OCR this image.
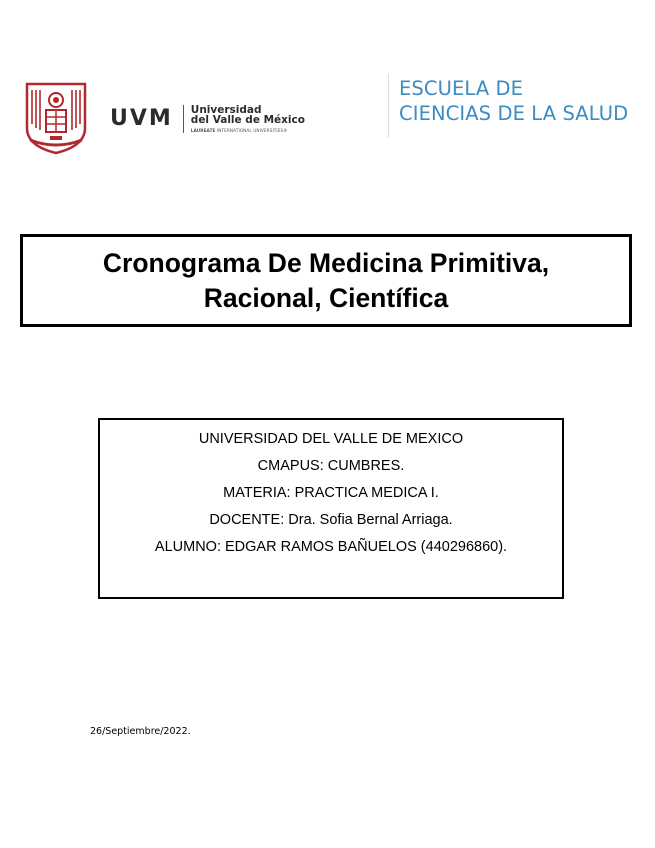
UVM Universidad
del Valle de México
LAUREATE INTERNATIONAL UNIVERSITIES®
ESCUELA DE
CIENCIAS DE LA SALUD
Cronograma De Medicina Primitiva,
Racional, Científica
UNIVERSIDAD DEL VALLE DE MEXICO
CMAPUS: CUMBRES.
MATERIA: PRACTICA MEDICA I.
DOCENTE: Dra. Sofia Bernal Arriaga.
ALUMNO: EDGAR RAMOS BAÑUELOS (440296860).
26/Septiembre/2022.
